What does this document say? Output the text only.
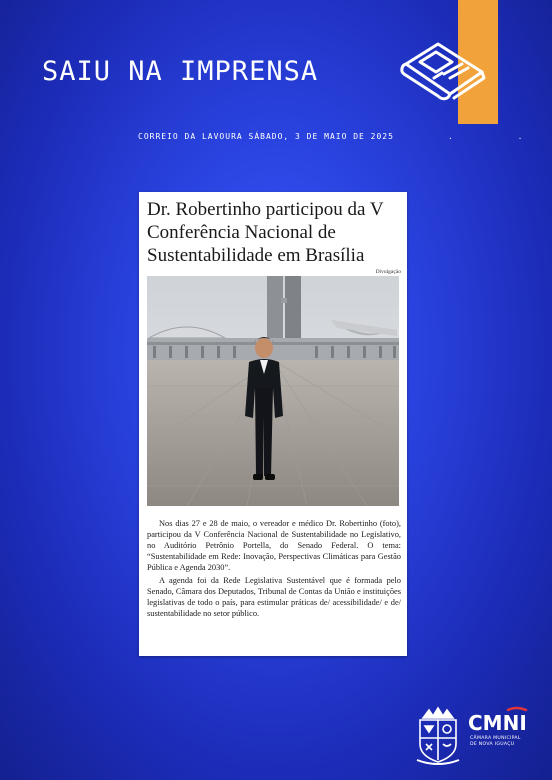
SAIU NA IMPRENSA
CORREIO DA LAVOURA SÁBADO, 3 DE MAIO DE 2025	. .
Dr. Robertinho participou da V Conferência Nacional de Sustentabilidade em Brasília
Divulgação

Nos dias 27 e 28 de maio, o vereador e médico Dr. Robertinho (foto), participou da V Conferência Nacional de Sustentabilidade no Legislativo, no Auditório Petrônio Portella, do Senado Federal. O tema: “Sustentabilidade em Rede: Inovação, Perspectivas Climáticas para Gestão Pública e Agenda 2030”.

A agenda foi da Rede Legislativa Sustentável que é formada pelo Senado, Câmara dos Deputados, Tribunal de Contas da União e instituições legislativas de todo o país, para estimular práticas de/ acessibilidade/ e de/ sustentabilidade no setor público.

CMNI
CÂMARA MUNICIPAL
DE NOVA IGUAÇU
